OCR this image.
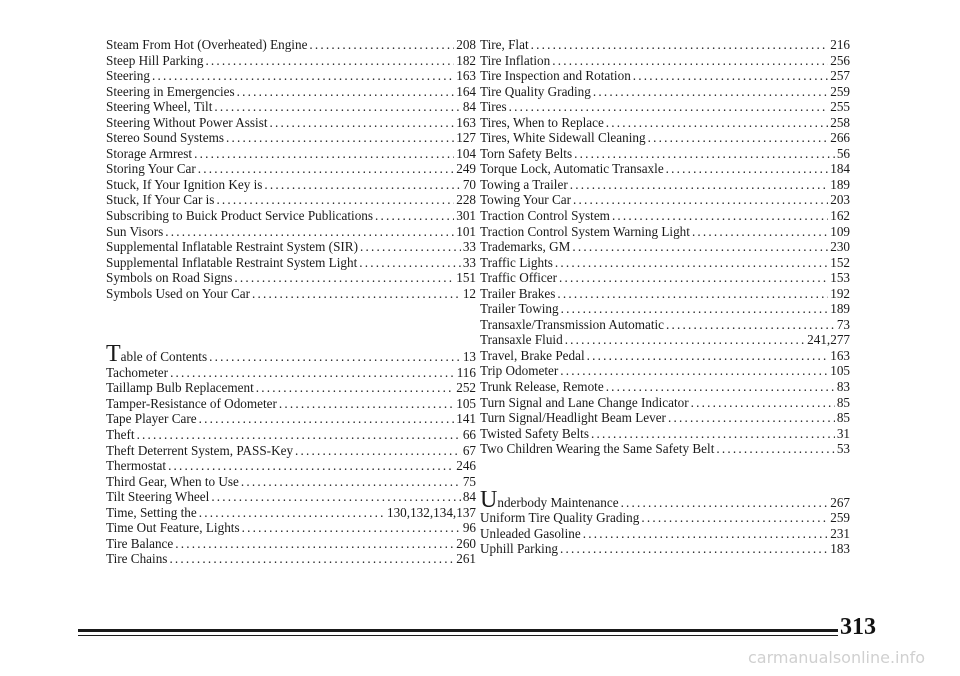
Steam From Hot (Overheated) Engine .....	208
Steep Hill Parking .....	182
Steering .....	163
Steering in Emergencies .....	164
Steering Wheel, Tilt .....	84
Steering Without Power Assist .....	163
Stereo Sound Systems .....	127
Storage Armrest .....	104
Storing Your Car .....	249
Stuck, If Your Ignition Key is .....	70
Stuck, If Your Car is .....	228
Subscribing to Buick Product Service Publications .....	301
Sun Visors .....	101
Supplemental Inflatable Restraint System (SIR) .....	33
Supplemental Inflatable Restraint System Light .....	33
Symbols on Road Signs .....	151
Symbols Used on Your Car .....	12
Table of Contents .....	13
Tachometer .....	116
Taillamp Bulb Replacement .....	252
Tamper-Resistance of Odometer .....	105
Tape Player Care .....	141
Theft .....	66
Theft Deterrent System, PASS-Key .....	67
Thermostat .....	246
Third Gear, When to Use .....	75
Tilt Steering Wheel .....	84
Time, Setting the .....	130,132,134,137
Time Out Feature, Lights .....	96
Tire Balance .....	260
Tire Chains .....	261
Tire, Flat .....	216
Tire Inflation .....	256
Tire Inspection and Rotation .....	257
Tire Quality Grading .....	259
Tires .....	255
Tires, When to Replace .....	258
Tires, White Sidewall Cleaning .....	266
Torn Safety Belts .....	56
Torque Lock, Automatic Transaxle .....	184
Towing a Trailer .....	189
Towing Your Car .....	203
Traction Control System .....	162
Traction Control System Warning Light .....	109
Trademarks, GM .....	230
Traffic Lights .....	152
Traffic Officer .....	153
Trailer Brakes .....	192
Trailer Towing .....	189
Transaxle/Transmission Automatic .....	73
Transaxle Fluid .....	241,277
Travel, Brake Pedal .....	163
Trip Odometer .....	105
Trunk Release, Remote .....	83
Turn Signal and Lane Change Indicator .....	85
Turn Signal/Headlight Beam Lever .....	85
Twisted Safety Belts .....	31
Two Children Wearing the Same Safety Belt .....	53
Underbody Maintenance .....	267
Uniform Tire Quality Grading .....	259
Unleaded Gasoline .....	231
Uphill Parking .....	183
313
carmanualsonline.info
